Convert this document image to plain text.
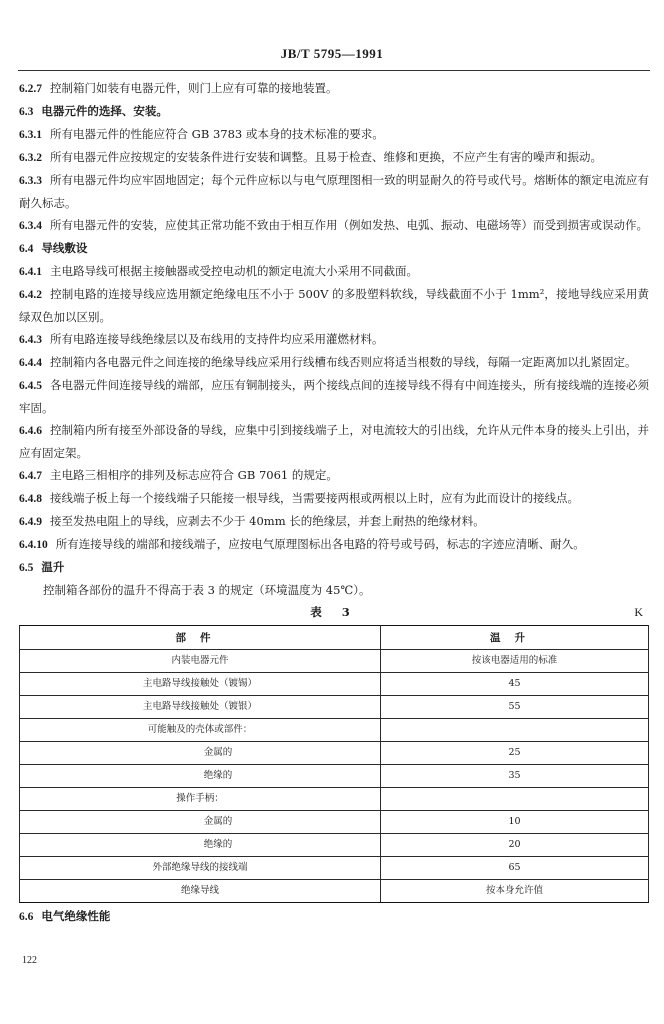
JB/T 5795—1991

6.2.7 控制箱门如装有电器元件，则门上应有可靠的接地装置。

6.3 电器元件的选择、安装。

6.3.1 所有电器元件的性能应符合 GB 3783 或本身的技术标准的要求。

6.3.2 所有电器元件应按规定的安装条件进行安装和调整。且易于检查、维修和更换，不应产生有害的噪声和振动。

6.3.3 所有电器元件均应牢固地固定；每个元件应标以与电气原理图相一致的明显耐久的符号或代号。熔断体的额定电流应有耐久标志。

6.3.4 所有电器元件的安装，应使其正常功能不致由于相互作用（例如发热、电弧、振动、电磁场等）而受到损害或误动作。

6.4 导线敷设

6.4.1 主电路导线可根据主接触器或受控电动机的额定电流大小采用不同截面。

6.4.2 控制电路的连接导线应选用额定绝缘电压不小于 500V 的多股塑料软线，导线截面不小于 1mm²，接地导线应采用黄绿双色加以区别。

6.4.3 所有电路连接导线绝缘层以及布线用的支持件均应采用灌燃材料。

6.4.4 控制箱内各电器元件之间连接的绝缘导线应采用行线槽布线否则应将适当根数的导线，每隔一定距离加以扎紧固定。

6.4.5 各电器元件间连接导线的端部，应压有铜制接头，两个接线点间的连接导线不得有中间连接头，所有接线端的连接必须牢固。

6.4.6 控制箱内所有接至外部设备的导线，应集中引到接线端子上，对电流较大的引出线，允许从元件本身的接头上引出，并应有固定架。

6.4.7 主电路三相相序的排列及标志应符合 GB 7061 的规定。

6.4.8 接线端子板上每一个接线端子只能接一根导线，当需要接两根或两根以上时，应有为此而设计的接线点。

6.4.9 接至发热电阻上的导线，应剥去不少于 40mm 长的绝缘层，并套上耐热的绝缘材料。

6.4.10 所有连接导线的端部和接线端子，应按电气原理图标出各电路的符号或号码，标志的字迹应清晰、耐久。

6.5 温升

控制箱各部份的温升不得高于表 3 的规定（环境温度为 45℃）。

表 3	K
部件	温升
内装电器元件	按该电器适用的标准
主电路导线接触处（镀锡）	45
主电路导线接触处（镀银）	55
可能触及的壳体或部件：	
金属的	25
绝缘的	35
操作手柄：	
金属的	10
绝缘的	20
外部绝缘导线的接线端	65
绝缘导线	按本身允许值

6.6 电气绝缘性能

122
